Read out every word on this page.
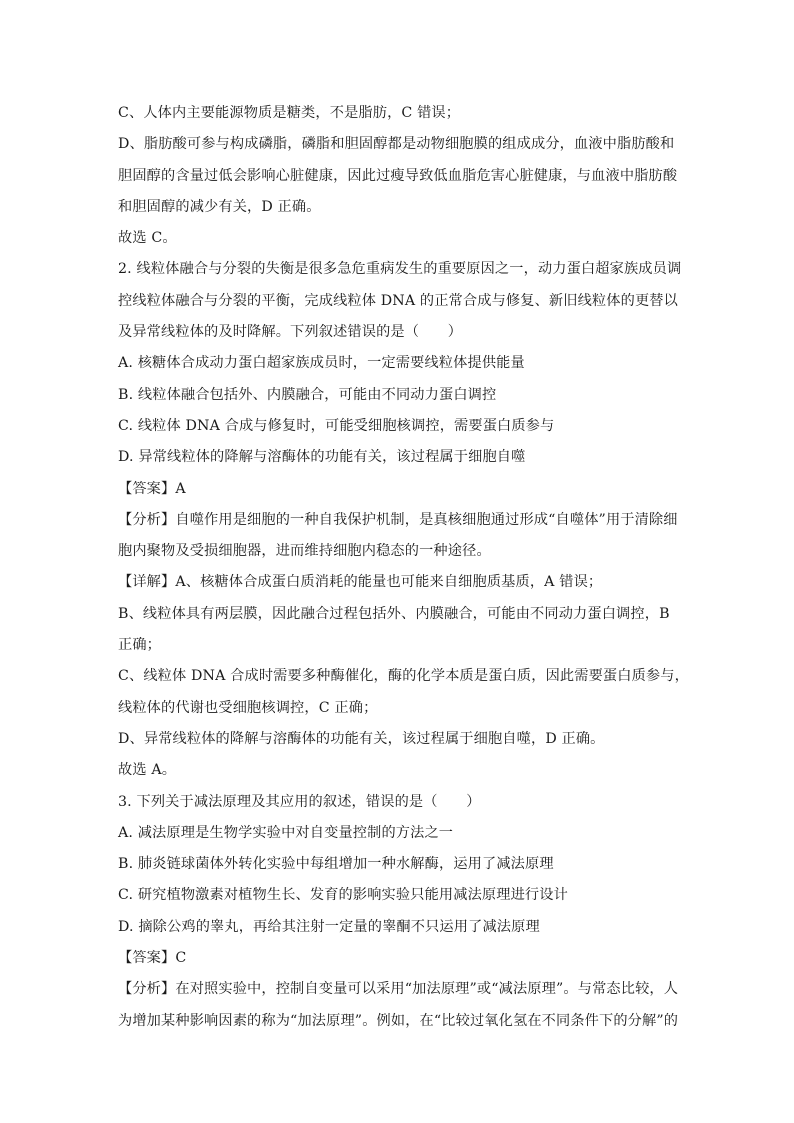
C、人体内主要能源物质是糖类，不是脂肪，C 错误；
D、脂肪酸可参与构成磷脂，磷脂和胆固醇都是动物细胞膜的组成成分，血液中脂肪酸和
胆固醇的含量过低会影响心脏健康，因此过瘦导致低血脂危害心脏健康，与血液中脂肪酸
和胆固醇的减少有关，D 正确。
故选 C。
2. 线粒体融合与分裂的失衡是很多急危重病发生的重要原因之一，动力蛋白超家族成员调
控线粒体融合与分裂的平衡，完成线粒体 DNA 的正常合成与修复、新旧线粒体的更替以
及异常线粒体的及时降解。下列叙述错误的是（　　）
A. 核糖体合成动力蛋白超家族成员时，一定需要线粒体提供能量
B. 线粒体融合包括外、内膜融合，可能由不同动力蛋白调控
C. 线粒体 DNA 合成与修复时，可能受细胞核调控，需要蛋白质参与
D. 异常线粒体的降解与溶酶体的功能有关，该过程属于细胞自噬
【答案】A
【分析】自噬作用是细胞的一种自我保护机制，是真核细胞通过形成“自噬体”用于清除细
胞内聚物及受损细胞器，进而维持细胞内稳态的一种途径。
【详解】A、核糖体合成蛋白质消耗的能量也可能来自细胞质基质，A 错误；
B、线粒体具有两层膜，因此融合过程包括外、内膜融合，可能由不同动力蛋白调控，B
正确；
C、线粒体 DNA 合成时需要多种酶催化，酶的化学本质是蛋白质，因此需要蛋白质参与，
线粒体的代谢也受细胞核调控，C 正确；
D、异常线粒体的降解与溶酶体的功能有关，该过程属于细胞自噬，D 正确。
故选 A。
3. 下列关于减法原理及其应用的叙述，错误的是（　　）
A. 减法原理是生物学实验中对自变量控制的方法之一
B. 肺炎链球菌体外转化实验中每组增加一种水解酶，运用了减法原理
C. 研究植物激素对植物生长、发育的影响实验只能用减法原理进行设计
D. 摘除公鸡的睾丸，再给其注射一定量的睾酮不只运用了减法原理
【答案】C
【分析】在对照实验中，控制自变量可以采用“加法原理”或“减法原理”。与常态比较，人
为增加某种影响因素的称为“加法原理”。例如，在“比较过氧化氢在不同条件下的分解”的
